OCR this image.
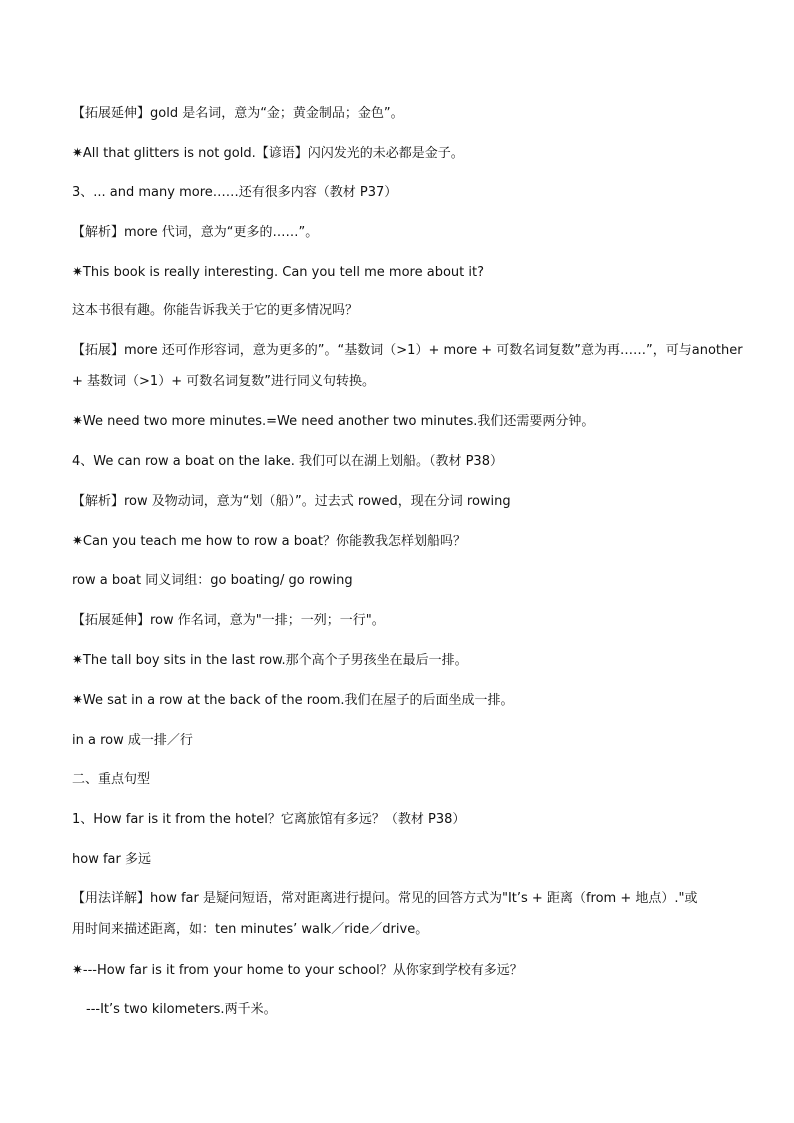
【拓展延伸】gold 是名词，意为“金；黄金制品；金色”。
✷All that glitters is not gold.【谚语】闪闪发光的未必都是金子。
3、... and many more……还有很多内容（教材 P37）
【解析】more 代词，意为“更多的……”。
✷This book is really interesting. Can you tell me more about it?
这本书很有趣。你能告诉我关于它的更多情况吗？
【拓展】more 还可作形容词，意为更多的”。“基数词（>1）+ more + 可数名词复数”意为再……”，可与another
+ 基数词（>1）+ 可数名词复数”进行同义句转换。
✷We need two more minutes.=We need another two minutes.我们还需要两分钟。
4、We can row a boat on the lake. 我们可以在湖上划船。（教材 P38）
【解析】row 及物动词，意为“划（船）”。过去式 rowed，现在分词 rowing
✷Can you teach me how to row a boat？你能教我怎样划船吗？
row a boat 同义词组：go boating/ go rowing
【拓展延伸】row 作名词，意为"一排；一列；一行"。
✷The tall boy sits in the last row.那个高个子男孩坐在最后一排。
✷We sat in a row at the back of the room.我们在屋子的后面坐成一排。
in a row 成一排／行
二、重点句型
1、How far is it from the hotel？它离旅馆有多远？（教材 P38）
how far 多远
【用法详解】how far 是疑问短语，常对距离进行提问。常见的回答方式为"It’s + 距离（from + 地点）."或
用时间来描述距离，如：ten minutes’ walk／ride／drive。
✷---How far is it from your home to your school？从你家到学校有多远？
---It’s two kilometers.两千米。
